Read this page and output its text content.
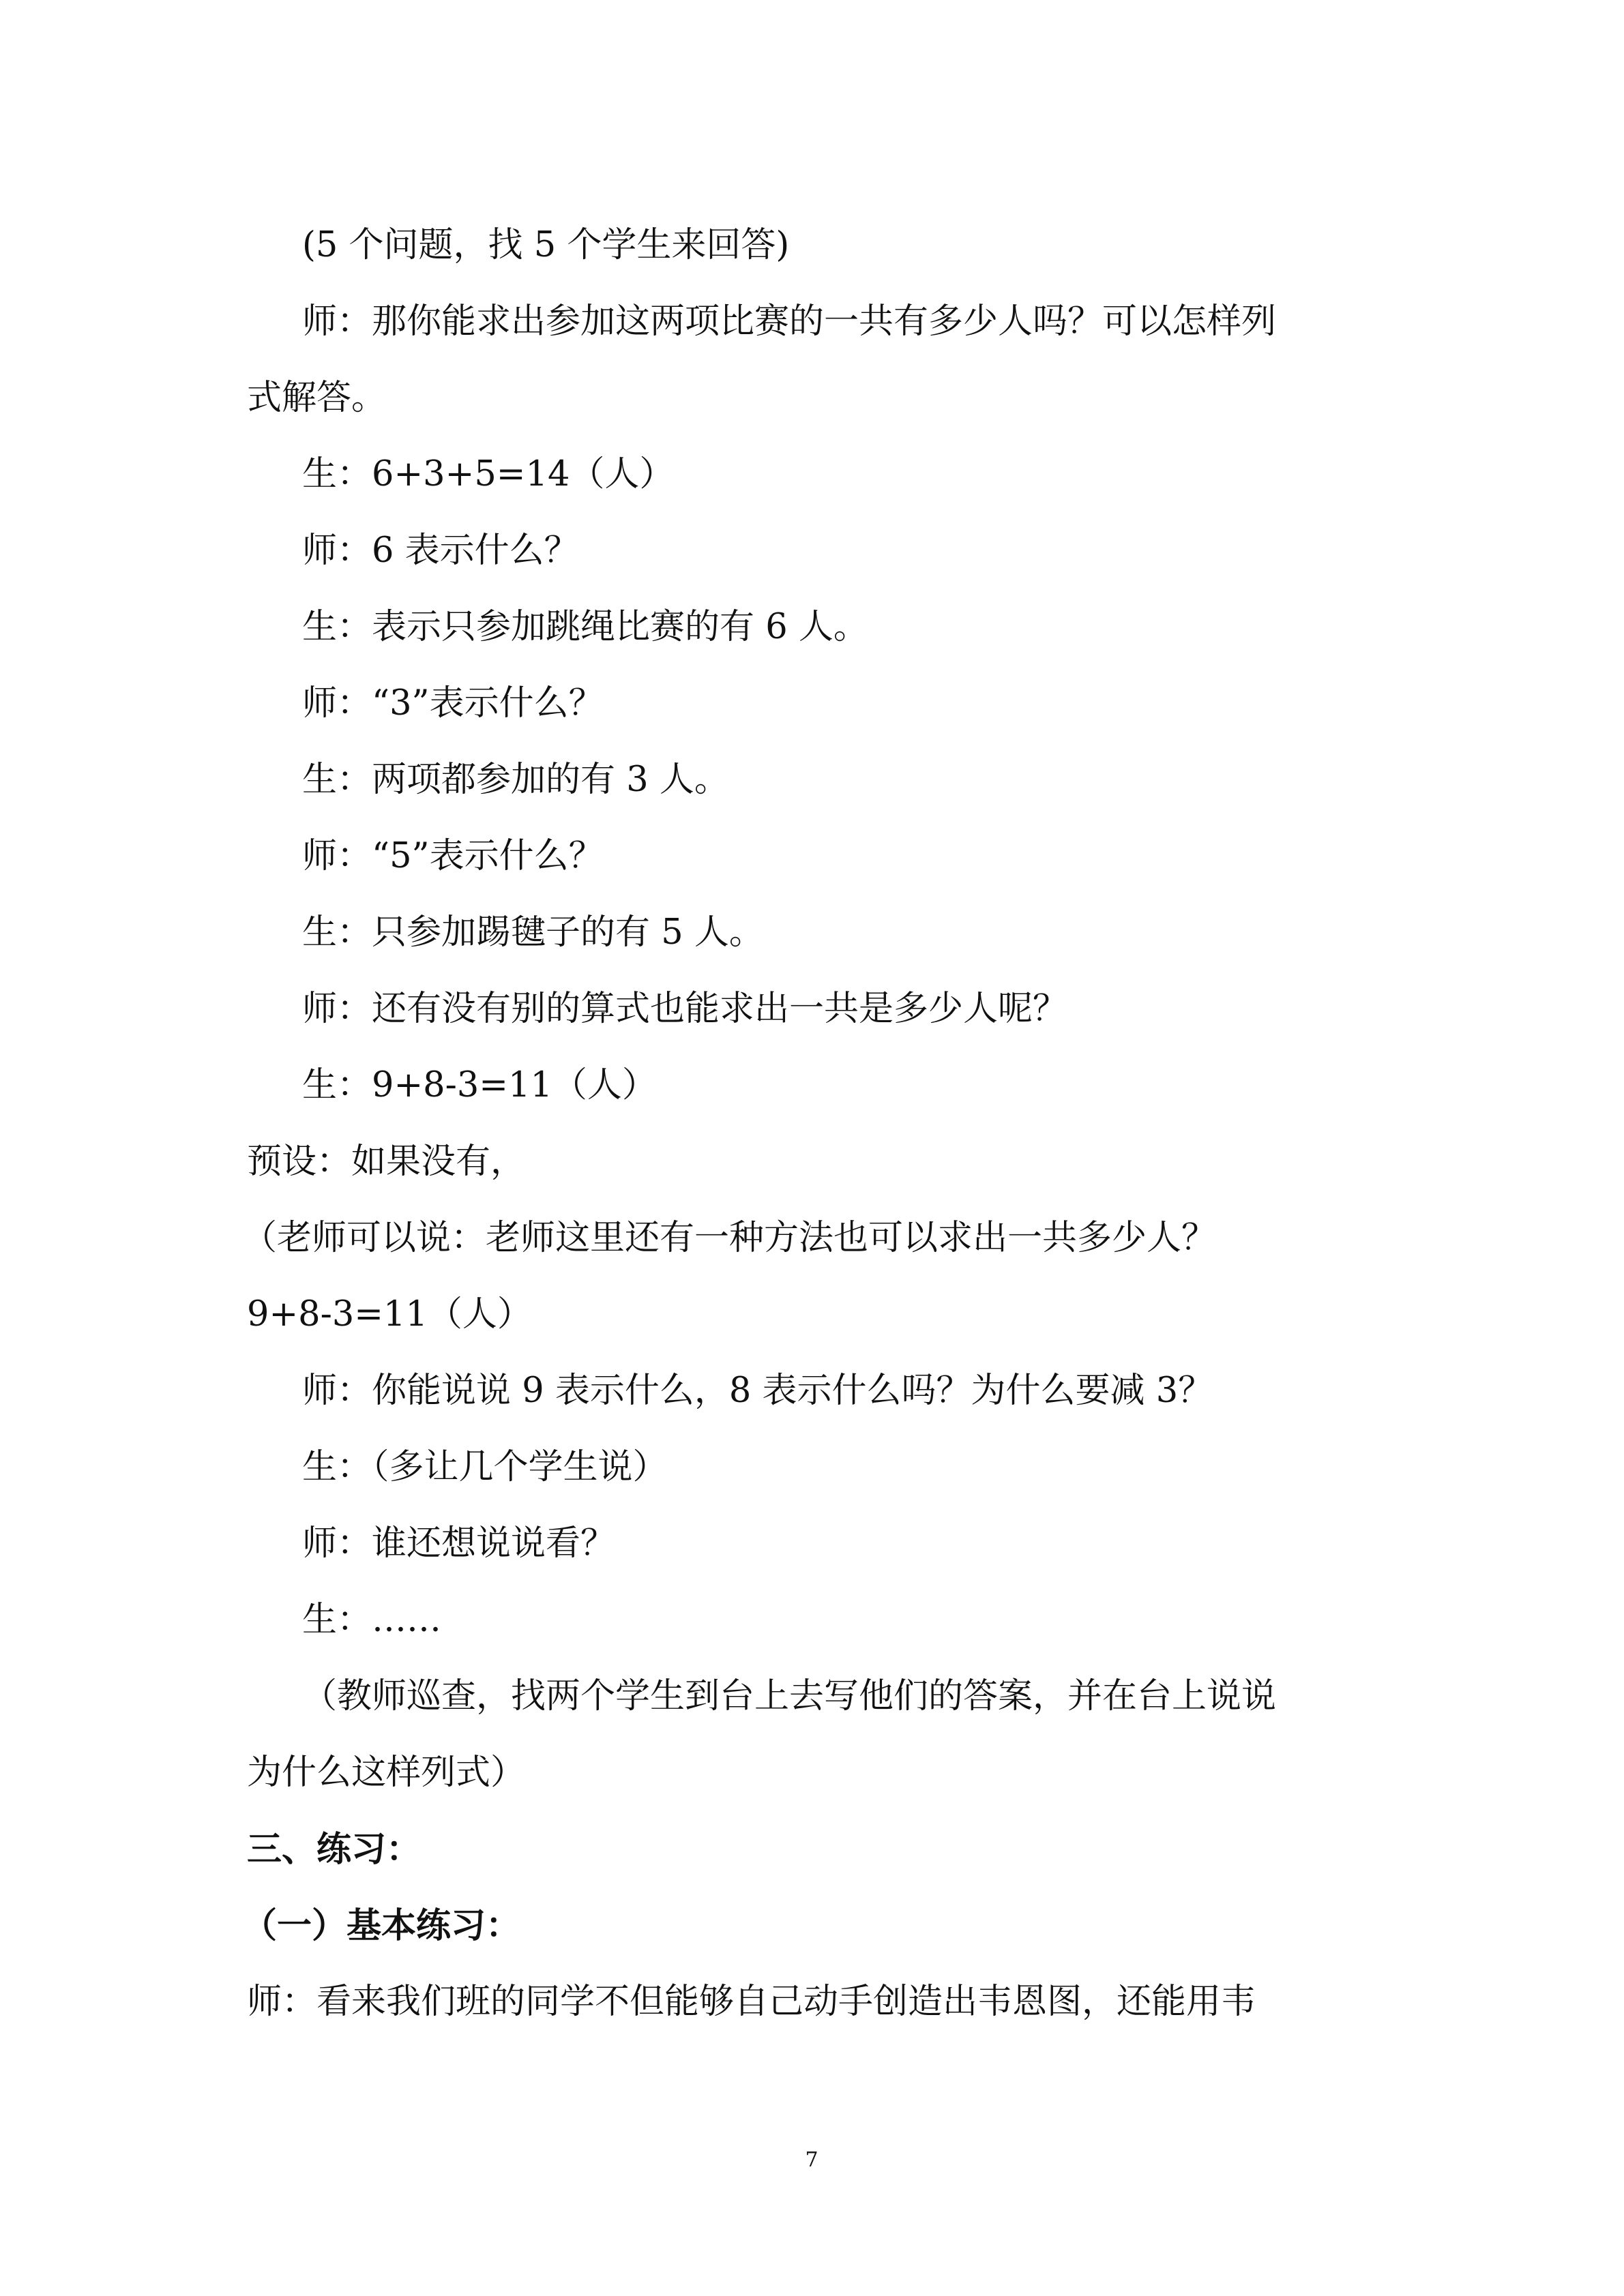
(5 个问题，找 5 个学生来回答)
师：那你能求出参加这两项比赛的一共有多少人吗？可以怎样列
式解答。
生：6+3+5=14（人）
师：6 表示什么？
生：表示只参加跳绳比赛的有 6 人。
师：“3”表示什么？
生：两项都参加的有 3 人。
师：“5”表示什么？
生：只参加踢毽子的有 5 人。
师：还有没有别的算式也能求出一共是多少人呢？
生：9+8-3=11（人）
预设：如果没有，
（老师可以说：老师这里还有一种方法也可以求出一共多少人？
9+8-3=11（人）
师：你能说说 9 表示什么，8 表示什么吗？为什么要减 3？
生：（多让几个学生说）
师：谁还想说说看？
生：……
（教师巡查，找两个学生到台上去写他们的答案，并在台上说说
为什么这样列式）
三、练习：
（一）基本练习：
师：看来我们班的同学不但能够自己动手创造出韦恩图，还能用韦
7
